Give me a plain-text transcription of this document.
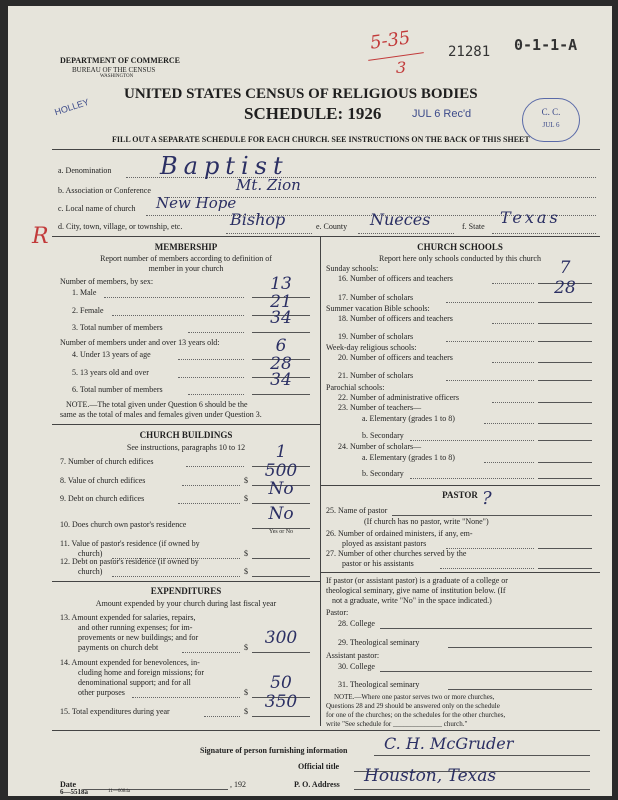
DEPARTMENT OF COMMERCE
BUREAU OF THE CENSUS
WASHINGTON
5-35
3
21281 0-1-1-A
UNITED STATES CENSUS OF RELIGIOUS BODIES
SCHEDULE: 1926	JUL 6 Rec'd
HOLLEY	C. C.
JUL 6
FILL OUT A SEPARATE SCHEDULE FOR EACH CHURCH. SEE INSTRUCTIONS ON THE BACK OF THIS SHEET
a. Denomination Baptist
b. Association or Conference	Mt. Zion
c. Local name of church New Hope
d. City, town, village, or township, etc.	Bishop	e. County Nueces	f. State Texas
R	MEMBERSHIP
Report number of members according to definition of
member in your church
Number of members, by sex:
1. Male	13
2. Female	21
3. Total number of members	34
Number of members under and over 13 years old:
4. Under 13 years of age	6
5. 13 years old and over	28
6. Total number of members	34
NOTE.—The total given under Question 6 should be the
same as the total of males and females given under Question 3.
CHURCH BUILDINGS
See instructions, paragraphs 10 to 12
7. Number of church edifices	1
8. Value of church edifices	$ 500
9. Debt on church edifices	$	No
10. Does church own pastor's residence
No
Yes or No
11. Value of pastor's residence (if owned by
church)	$
12. Debt on pastor's residence (if owned by
church)	$
EXPENDITURES
Amount expended by your church during last fiscal year
13. Amount expended for salaries, repairs,
and other running expenses; for im-
provements or new buildings; and for
payments on church debt	$ 300
14. Amount expended for benevolences, in-
cluding home and foreign missions; for
denominational support; and for all
other purposes	$	50
15. Total expenditures during year	$ 350
CHURCH SCHOOLS
Report here only schools conducted by this church
Sunday schools:
16. Number of officers and teachers
7
17. Number of scholars	28
Summer vacation Bible schools:
18. Number of officers and teachers
19. Number of scholars
Week-day religious schools:
20. Number of officers and teachers
21. Number of scholars
Parochial schools:
22. Number of administrative officers
23. Number of teachers—
a. Elementary (grades 1 to 8)
b. Secondary
24. Number of scholars—
a. Elementary (grades 1 to 8)
b. Secondary
PASTOR
25. Name of pastor
?
(If church has no pastor, write "None")
26. Number of ordained ministers, if any, em-
ployed as assistant pastors
27. Number of other churches served by the
pastor or his assistants
If pastor (or assistant pastor) is a graduate of a college or
theological seminary, give name of institution below. (If
not a graduate, write "No" in the space indicated.)
Pastor:
28. College
29. Theological seminary
Assistant pastor:
30. College
31. Theological seminary
NOTE.—Where one pastor serves two or more churches,
Questions 28 and 29 should be answered only on the schedule
for one of the churches; on the schedules for the other churches,
write "See schedule for ______________ church."
Signature of person furnishing information C. H. McGruder
Official title
Date	, 192	P. O. Address Houston, Texas
6—5518a	11—6084a
